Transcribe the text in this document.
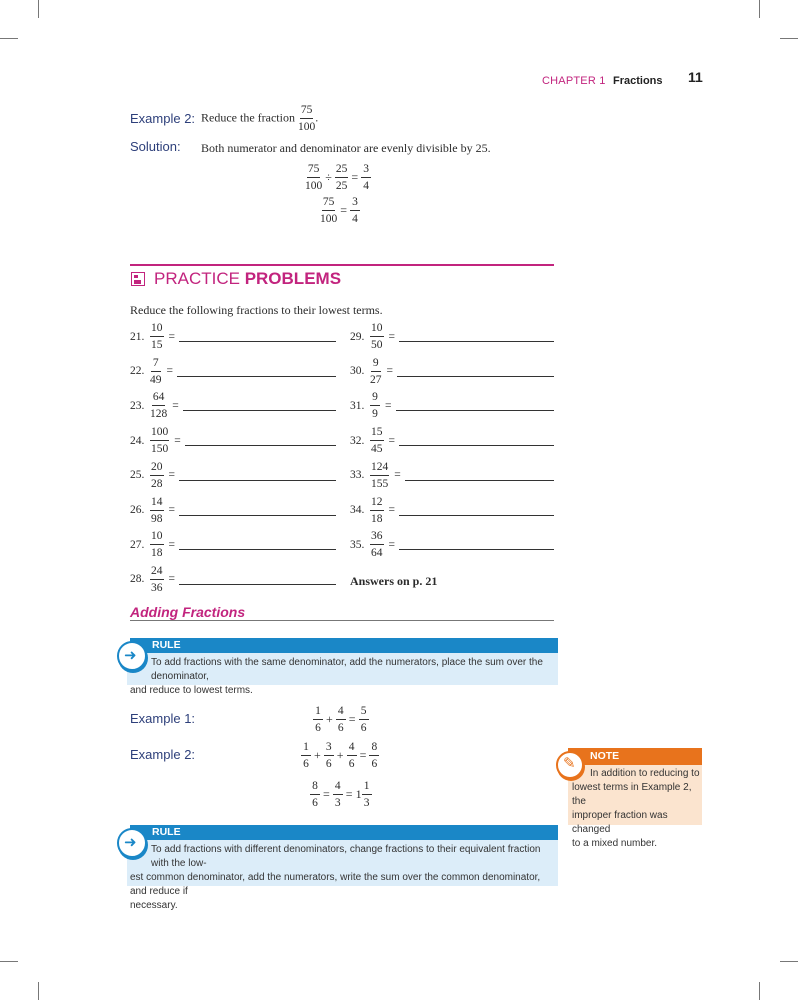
CHAPTER 1 Fractions 11
Example 2: Reduce the fraction $\frac{75}{100}$ .
Solution: Both numerator and denominator are evenly divisible by 25.
$\frac{75}{100} \div \frac{25}{25} = \frac{3}{4}$
$\frac{75}{100} = \frac{3}{4}$
PRACTICE PROBLEMS
Reduce the following fractions to their lowest terms.
21. $\frac{10}{15}$ =
22. $\frac{7}{49}$ =
23. $\frac{64}{128}$ =
24. $\frac{100}{150}$ =
25. $\frac{20}{28}$ =
26. $\frac{14}{98}$ =
27. $\frac{10}{18}$ =
28. $\frac{24}{36}$ =
29. $\frac{10}{50}$ =
30. $\frac{9}{27}$ =
31. $\frac{9}{9}$ =
32. $\frac{15}{45}$ =
33. $\frac{124}{155}$ =
34. $\frac{12}{18}$ =
35. $\frac{36}{64}$ =
Answers on p. 21
Adding Fractions
RULE
To add fractions with the same denominator, add the numerators, place the sum over the denominator,
and reduce to lowest terms.
➜
Example 1:	$\frac{1}{6} + \frac{4}{6} = \frac{5}{6}$
Example 2:	$\frac{1}{6} + \frac{3}{6} + \frac{4}{6} = \frac{8}{6}$
$\frac{8}{6} = \frac{4}{3} = 1 \frac{1}{3}$
NOTE
In addition to reducing to
lowest terms in Example 2, the
improper fraction was changed
to a mixed number.
✎
RULE
To add fractions with different denominators, change fractions to their equivalent fraction with the low-
est common denominator, add the numerators, write the sum over the common denominator, and reduce if
necessary.
➜
